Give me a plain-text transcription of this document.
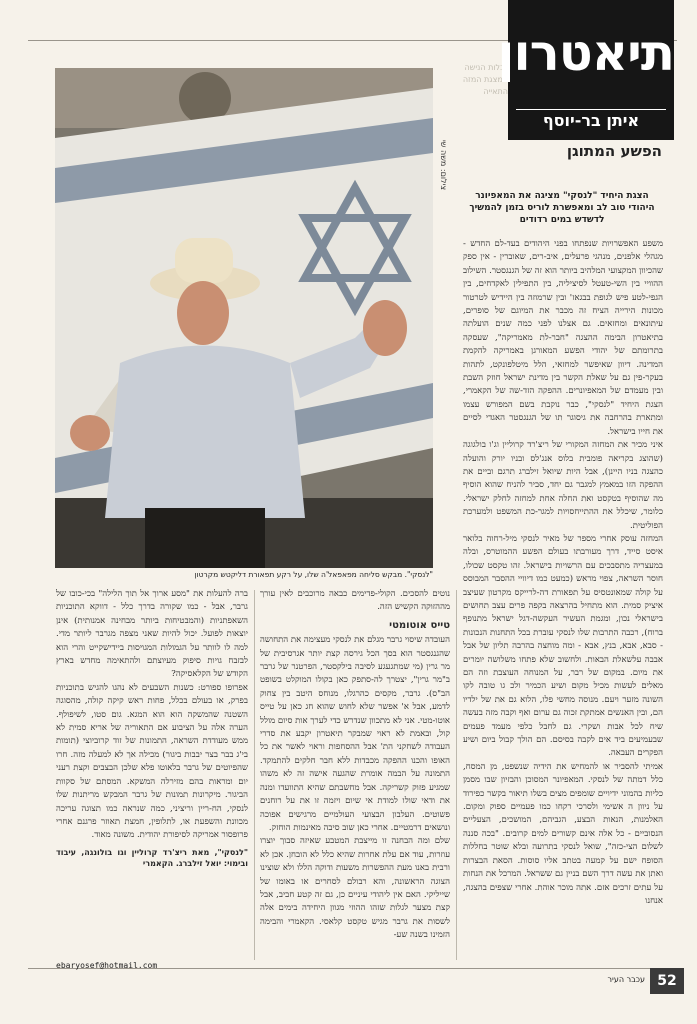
גבלות הנישה המצגת המזה התאייה
תיאטרון
איתן בר-יוסף
צילום: משה שי
"לנסקי". מבקש סליחה מפאפאל'ה שלו, על רקע תפאורת דליקטש מקרטון
הפשע המתוגן
הצגת היחיד "לנסקי" מציגה את המאפיונר היהודי טוב לב ומאפשרת לוריס בזמן להמשיך לדשדש במים רדודים

משפע האפשרויות שנפתחו בפני היהודים בעד-לם החדש - מגהלי אלפנים, מנהגי פרעלים, איב-רים, שאוברין - אין ספק שהכיוון המקצועי המלהיב ביותר הוא זה של הגנגסטר. השילוב ההוויי בין השי-טעטל לסיציליה, בין התפילין לאקדחים, בין הגפי-לטע פיש לגופת בבגאז' ובין שרמוזה בין היידיש לטרטור מכונות הירייה הציח זה מכבר את המיוגם של סופרים, עיתונאים ומחזאים. גם אצלנו לפני כמה שנים הועלתה בתיאטרון הבימה ההצגה "חבר-לת מאמריקה", שעסקה בתרומתם של יהודי הפשע המאורגן באמריקה להקמת המדינה. דיוון שאיפשר למחזאי, הלל מיטלפונקט, לתהות בעקר-פין גם על שאלת הקשר בין מדינת ישראל חוזק השבת ובין מעמדם של המאפיונרים. ההפקה הזד-שה של הקאמרי, הצגת היחיד "לנסקי", כבר נוקבת בשם המפורש עצמו ומתארת בהרחבה את גיסוגר תו של הגנגסטר האגדי לסיים את חייו בישראל.

איני מכיר את המחזה המקורי של ריצ'רד קרוליין וג'ו בולגוגה (שהוצג בקריאה פומבית בלוס אנג'לס ובניו יורק והועלה כהצגה בניו היינן), אבל היות שיואל זילברג תרגם וביים את ההפקה הזו במאמץ למגבר גם יחד, סביר להניח שהוא הוסיף מה שהוסיף בטקסט ואת החלה אחת למחזה לחלק ישראלי. כלומר, שיכלל את ההתייחסויות למגר-כת המשפט ולמערכת הפוליטית.

המחזה עוסק אחרי מספר של מאיר לנסקי מיל-רחוה בלואר איסט סייד, דרך מעורבתו בעולם הפשע ההמוטרס, ובלה במעצריה מתסבכים עם הרשויות בישראל. זהו טקסט שכולו, חוסר השראה, צפוי מראש (כמעט כמו דיוויי ההסבר המבוסס על קולה שמאונטסיס על תפאורת דה-לרייקס מקרטון שעיצב איציק סמית. הוא מתחיל בהרצאה בקפה פרים עצב תחושים בישראלי נכון, ומגמת העשיר העקשה-דגל ישראל מתנופף ברוח), רכבה התרבות שלו לנסקי עוברת בכל התחנות הנכונות - סבא, אבא, בנץ, אבא - ומה מוחצה בהרבה תליון של אבל אבבה עלשאלת הבאות. ולחשוב שלא פתחו משלושה יומרים את מיום. במקום של רבר, על המנוחה העוצבת וזה הם מאלים לעשות מכיל מקום ושיע הכמיר ולכ גו טובה לקו השונה מזער ויעם. מנוסה מחשי פלו, הלוא גם את של ילדיו הם, ובין האנשים אמתקת זכוה גם ערום ואף וקבה מזה בעשה שיח לכל אבות ושקרי. גם לחבל כלפי מעמד פעמים שבעמיעים ביד אים לקבה בסיסם. הם הולך קבול ביום ושיע הפקרים העבאה.

אמיתי להסביר או להמחיש את הידיה שנשפט, מן המסח, כלל דמתה של לנסקי. המאפיונר המסוכן והבזיון שבו מסמן כליות בהמוני ידיויים שומפים מצים בשלו תיאור בקשר כפירוד על ניוון ה אשימי ולסרכי רקחו כמו פעמיים ספוק ומקום. האלמנות, הנאות הבצע, הגביהם, המושכים, הצעליים הנסוביים - כל אלה אינם קשורים למים קרובים. "בכה סננה לשלום הצי-כזה", שואל לנסקי בתרועה ובלא שוטר בחללות הסופח ישם על קמעה בטתב אליו סוסות. הסאת הבצרות ואתן את עשה דרך השם בניין גם ששראל. המרכל את הנחות על עתים זרכים אזם. אתה מוכר אוהת. אחרי שצפים בהצגה, אנחנו

נוטים להסכים. הקולי-פדימים כבאה מרוכבים לאין עורך מההזוקה הקשיש הזה.

טייס אוטומטי

העובדה שיסוי גרבר מגלם את לנסקי מעצימה את התחושה שהגנגסטר הוא בסך הכל גירסה קצת יותר אגרסיבית של מר גרין (מי שמתגעגע לסיבה בילקסטר, הפרטנר של גרבר ב"מר גרין", יצטרך לה-סתפק כאן בקולו המוקלט בשופט הב"ס). גרבר, מקסים כהרגלו, מנוחס היטב בין צחוק לדמע, אבל א' אפשר שלא לחוש שהוא חג כאן על טייס אוטו-מטי. אני לא מתכוון שנדרש כדי לערך אות סיום מולל קול, ובאמת לא ראוי שמבקר תיאטרון יקבע את סדרי העבודה לשחקני הת' אבל ההסחפות וראוי לאשר את כל האופו והכנו ההפקה מכבדות ללא חבר חלקים להתמקד. התמונה על הבמה אומרת שהגעה אישה זה לא משהו שמגיע פזוק קשריקה. אבל מחשבתם שהיא התוועדו ומנה את ודאי שולו למודת אי שיום ויזמה זו את על רוחנים פשוטים. העלבון הבצועי העולמיים מרגישים אפוכה ונושאים דרמטיים. אחרי כאן שוב סיבה מאינמות הוחזק.

שלם ומה הבחנה זו מייצבת המטבע שאיזה סבוך יוצרו עוזרות, עוד אם עלת אחרות שהיא כלל לא הובחן. אכן לא ורבית באנו מעת ההפשרות משעות ודוקה הללו ולא שוצינו הצוגה הראשונה, והא רבולם לסחרים או באומו של שייליקי. האם אין ליהודי עיניים כן, גם זה קטע חביב, אבל קצת מצער לגלות שזהו ההוזי מגוון היחידה בימים אלה לשסות את גרבר מגיש טקסט קלאסי. הקאמרי והבימה הזמינו בשנה שע-

ברה להעלות את "מסע ארוך אל תוך הלילה" בכי-כובו של גרבר, אבל - כמו שקורה בדרך כלל - דווקא התוכניות השאפתניות (והמבטיחות ביותר מבחינה אמנותית) אינן יוצאות לפועל. יכול להיות שאני מצפה מגרבר ליותר מדי. למה לו לוותר על הגמולות המגויסות ביידישקייט והרי הוא לבזבח גויות סיפוק מעיוצתם ולהתאימה מחדש בארץ הקודש של הקלאסיקה?

אפרופו ספורט: כשנות השבעים לא נהגו להגיש בתוכניות בפרק, או בעולם בכלל, פחות ראש קיקה קולה, מהסוגה השטנה שהמשקה הוא הוא המגא. גום סטו, לשיפולף. הערה אלה על הציבוע אם התאוריה של אריא סמית לא ממש מעודדת השראה, התמונות של זוד קרוביוצי (תומות בי'ג בבר בצר יבבות ביגור) מכילה אך לא למעלה מזה. חרו שהפיוטים של גרבר בלאוטו פלא שלכן הבצבים וקצת רעני יום ומראות בהם מזירלה המשקא. המסתם של סקוות הביגור. מיקרונות תמונות של גרבר המבקש מריתנות שלו לנסקי, הח-ריין וריציני, כמה שנראה כמו תצוגה עריכה מכוונת והשפעת או, לתלופין, חמצת תאוזר פרגנם אחרי פרופסור אמריקה לסיפורת יהודית. משונה מאוד.

"לנסקי", מאת ריצ'רד קרוליין וגו בולונגה, עיבוד ובימוי: יואל זילברג. הקאמרי
ebaryosef@hotmail.com
עכבר העיר 52
